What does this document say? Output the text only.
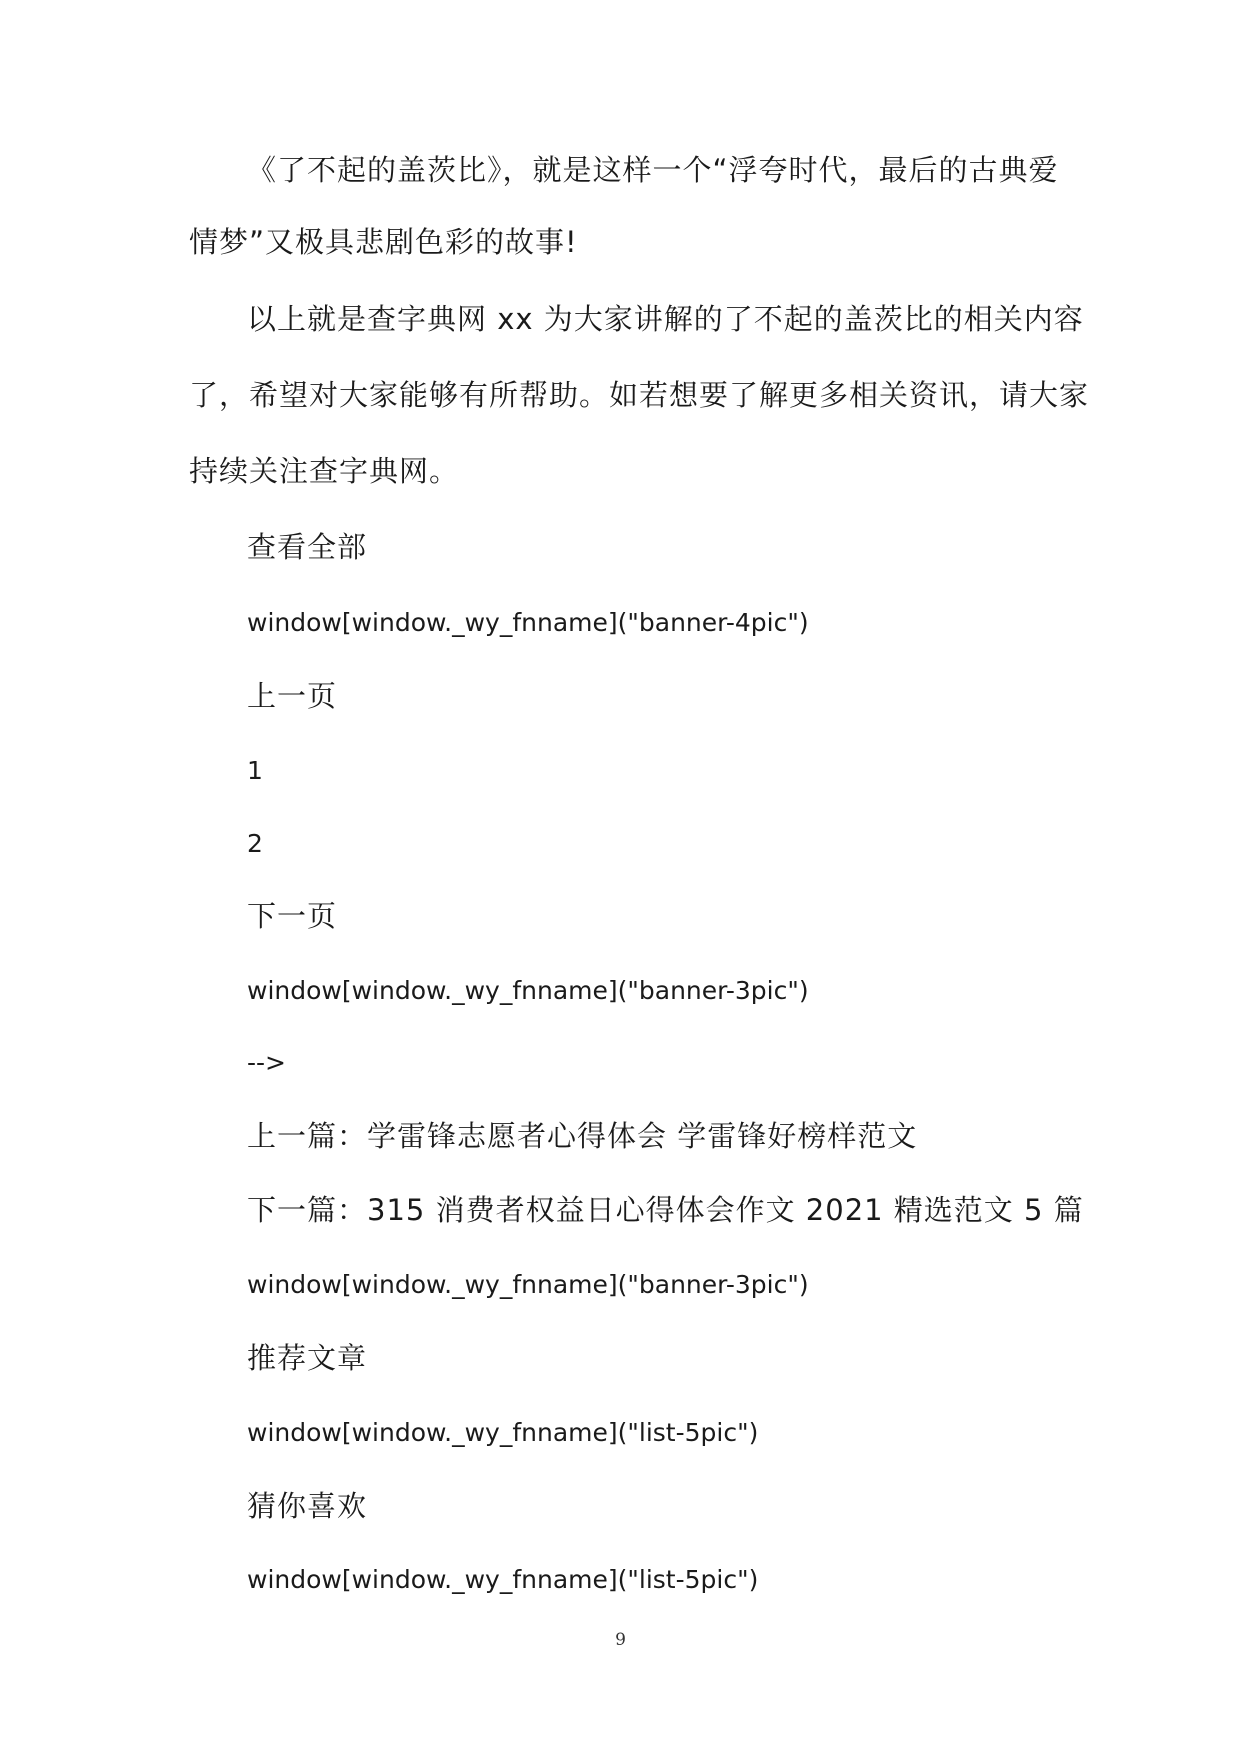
《了不起的盖茨比》，就是这样一个“浮夸时代，最后的古典爱
情梦”又极具悲剧色彩的故事!
以上就是查字典网 xx 为大家讲解的了不起的盖茨比的相关内容
了，希望对大家能够有所帮助。如若想要了解更多相关资讯，请大家
持续关注查字典网。
查看全部
window[window._wy_fnname]("banner-4pic")
上一页
1
2
下一页
window[window._wy_fnname]("banner-3pic")
-->
上一篇：学雷锋志愿者心得体会 学雷锋好榜样范文
下一篇：315 消费者权益日心得体会作文 2021 精选范文 5 篇
window[window._wy_fnname]("banner-3pic")
推荐文章
window[window._wy_fnname]("list-5pic")
猜你喜欢
window[window._wy_fnname]("list-5pic")
9
